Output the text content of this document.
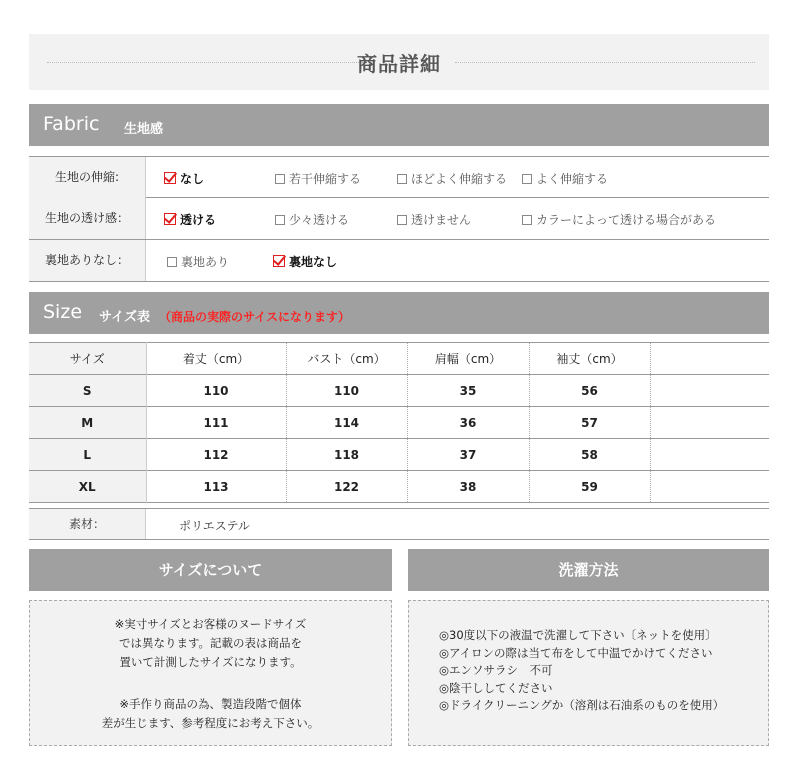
商品詳細
Fabric 生地感
生地の伸縮:	なし	若干伸縮する	ほどよく伸縮する	よく伸縮する
生地の透け感：	透ける	少々透ける	透けません	カラーによって透ける場合がある
裏地ありなし：	裏地あり	裏地なし
Size サイズ表 （商品の実際のサイスになります）
サイズ	着丈（cm）	バスト（cm）	肩幅（cm）	袖丈（cm）	
S	110	110	35	56	
M	111	114	36	57	
L	112	118	37	58	
XL	113	122	38	59	
素材：	ポリエステル
サイズについて
※実寸サイズとお客様のヌードサイズ
では異なります。記載の表は商品を
置いて計測したサイズになります。
※手作り商品の為、製造段階で個体
差が生じます、参考程度にお考え下さい。
洗濯方法
◎30度以下の液温で洗濯して下さい〔ネットを使用〕
◎アイロンの際は当て布をして中温でかけてください
◎エンソサラシ　不可
◎陰干ししてください
◎ドライクリーニングか（溶剤は石油系のものを使用）
